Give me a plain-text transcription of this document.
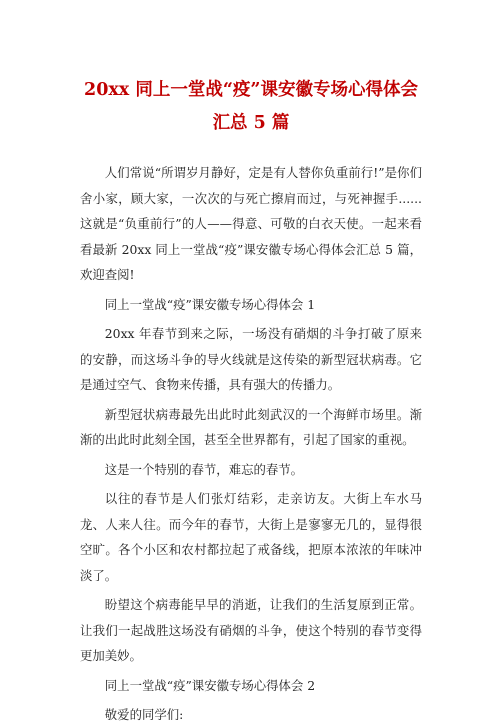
20xx 同上一堂战“疫”课安徽专场心得体会
汇总 5 篇

人们常说“所谓岁月静好，定是有人替你负重前行!”是你们舍小家，顾大家，一次次的与死亡擦肩而过，与死神握手......这就是“负重前行”的人——得意、可敬的白衣天使。一起来看看最新 20xx 同上一堂战“疫”课安徽专场心得体会汇总 5 篇，欢迎查阅!

同上一堂战“疫”课安徽专场心得体会 1

20xx 年春节到来之际，一场没有硝烟的斗争打破了原来的安静，而这场斗争的导火线就是这传染的新型冠状病毒。它是通过空气、食物来传播，具有强大的传播力。

新型冠状病毒最先出此时此刻武汉的一个海鲜市场里。渐渐的出此时此刻全国，甚至全世界都有，引起了国家的重视。

这是一个特别的春节，难忘的春节。

以往的春节是人们张灯结彩，走亲访友。大街上车水马龙、人来人往。而今年的春节，大街上是寥寥无几的，显得很空旷。各个小区和农村都拉起了戒备线，把原本浓浓的年味冲淡了。

盼望这个病毒能早早的消逝，让我们的生活复原到正常。让我们一起战胜这场没有硝烟的斗争，使这个特别的春节变得更加美妙。

同上一堂战“疫”课安徽专场心得体会 2

敬爱的同学们:
